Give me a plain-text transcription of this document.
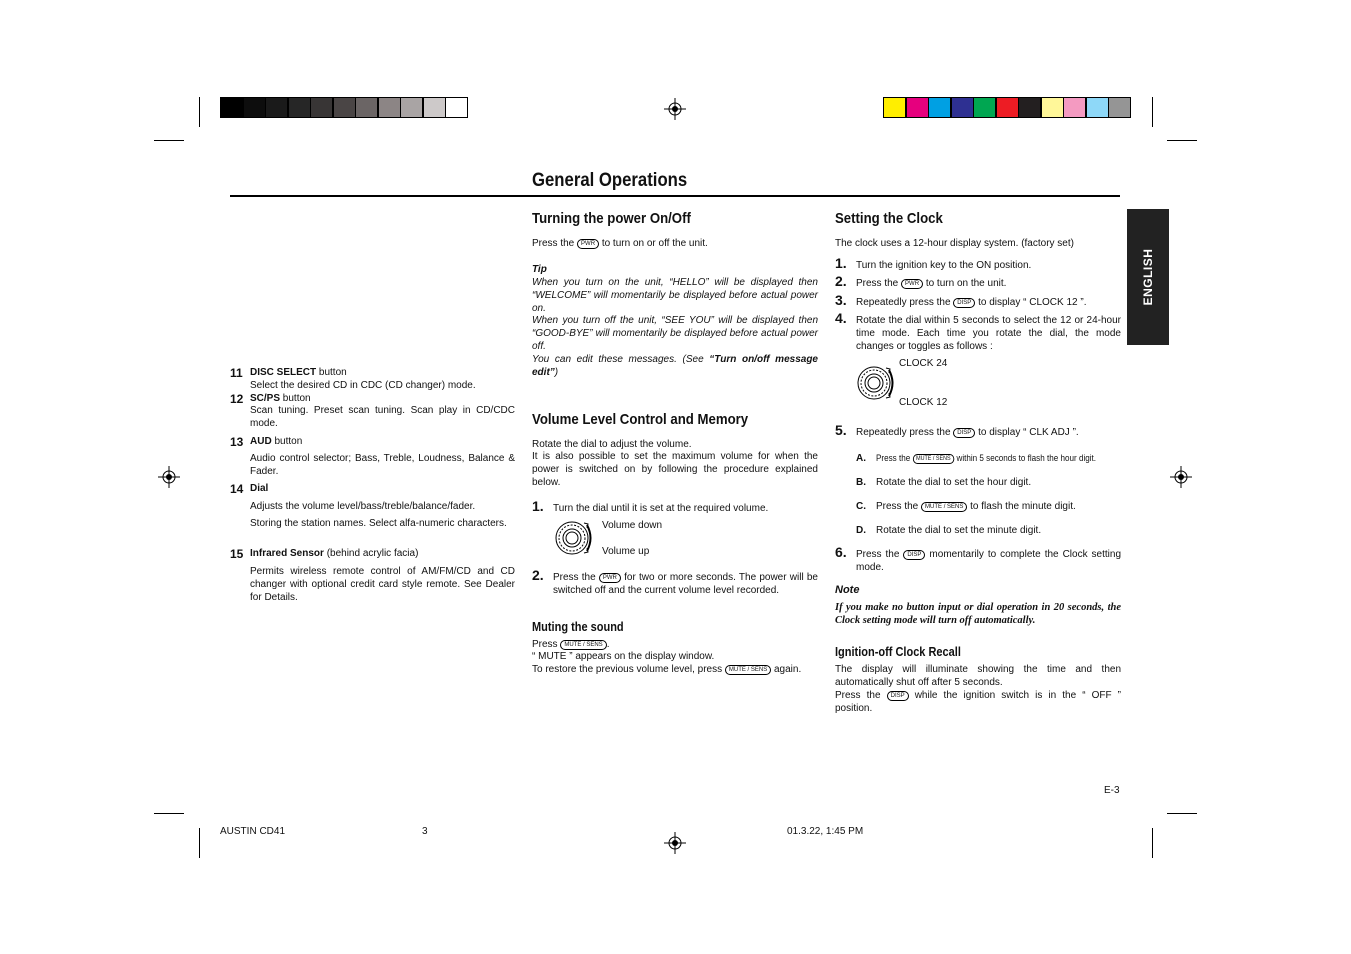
General Operations
ENGLISH
11 DISC SELECT button
Select the desired CD in CDC (CD changer) mode.
12 SC/PS button
Scan tuning. Preset scan tuning. Scan play in CD/CDC mode.
13 AUD button
Audio control selector; Bass, Treble, Loudness, Balance & Fader.
14 Dial
Adjusts the volume level/bass/treble/balance/fader.
Storing the station names. Select alfa-numeric characters.
15 Infrared Sensor (behind acrylic facia)
Permits wireless remote control of AM/FM/CD and CD changer with optional credit card style remote. See Dealer for Details.
Turning the power On/Off
Press the PWR to turn on or off the unit.
Tip
When you turn on the unit, “HELLO” will be displayed then “WELCOME” will momentarily be displayed before actual power on.
When you turn off the unit, “SEE YOU” will be displayed then “GOOD-BYE” will momentarily be displayed before actual power off.
You can edit these messages. (See “Turn on/off message edit”)
Volume Level Control and Memory
Rotate the dial to adjust the volume.
It is also possible to set the maximum volume for when the power is switched on by following the procedure explained below.
1. Turn the dial until it is set at the required volume.
Volume down
Volume up
2. Press the PWR for two or more seconds. The power will be switched off and the current volume level recorded.
Muting the sound
Press MUTE / SENS .
“ MUTE ” appears on the display window.
To restore the previous volume level, press MUTE / SENS again.
Setting the Clock
The clock uses a 12-hour display system. (factory set)
1. Turn the ignition key to the ON position.
2. Press the PWR to turn on the unit.
3. Repeatedly press the DISP to display “ CLOCK 12 ”.
4. Rotate the dial within 5 seconds to select the 12 or 24-hour time mode. Each time you rotate the dial, the mode changes or toggles as follows :
CLOCK 24
CLOCK 12
5. Repeatedly press the DISP to display “ CLK ADJ ”.
A. Press the MUTE / SENS within 5 seconds to flash the hour digit.
B. Rotate the dial to set the hour digit.
C. Press the MUTE / SENS to flash the minute digit.
D. Rotate the dial to set the minute digit.
6. Press the DISP momentarily to complete the Clock setting mode.
Note
If you make no button input or dial operation in 20 seconds, the Clock setting mode will turn off automatically.
Ignition-off Clock Recall
The display will illuminate showing the time and then automatically shut off after 5 seconds.
Press the DISP while the ignition switch is in the “ OFF ” position.
E-3
AUSTIN CD41	3	01.3.22, 1:45 PM
